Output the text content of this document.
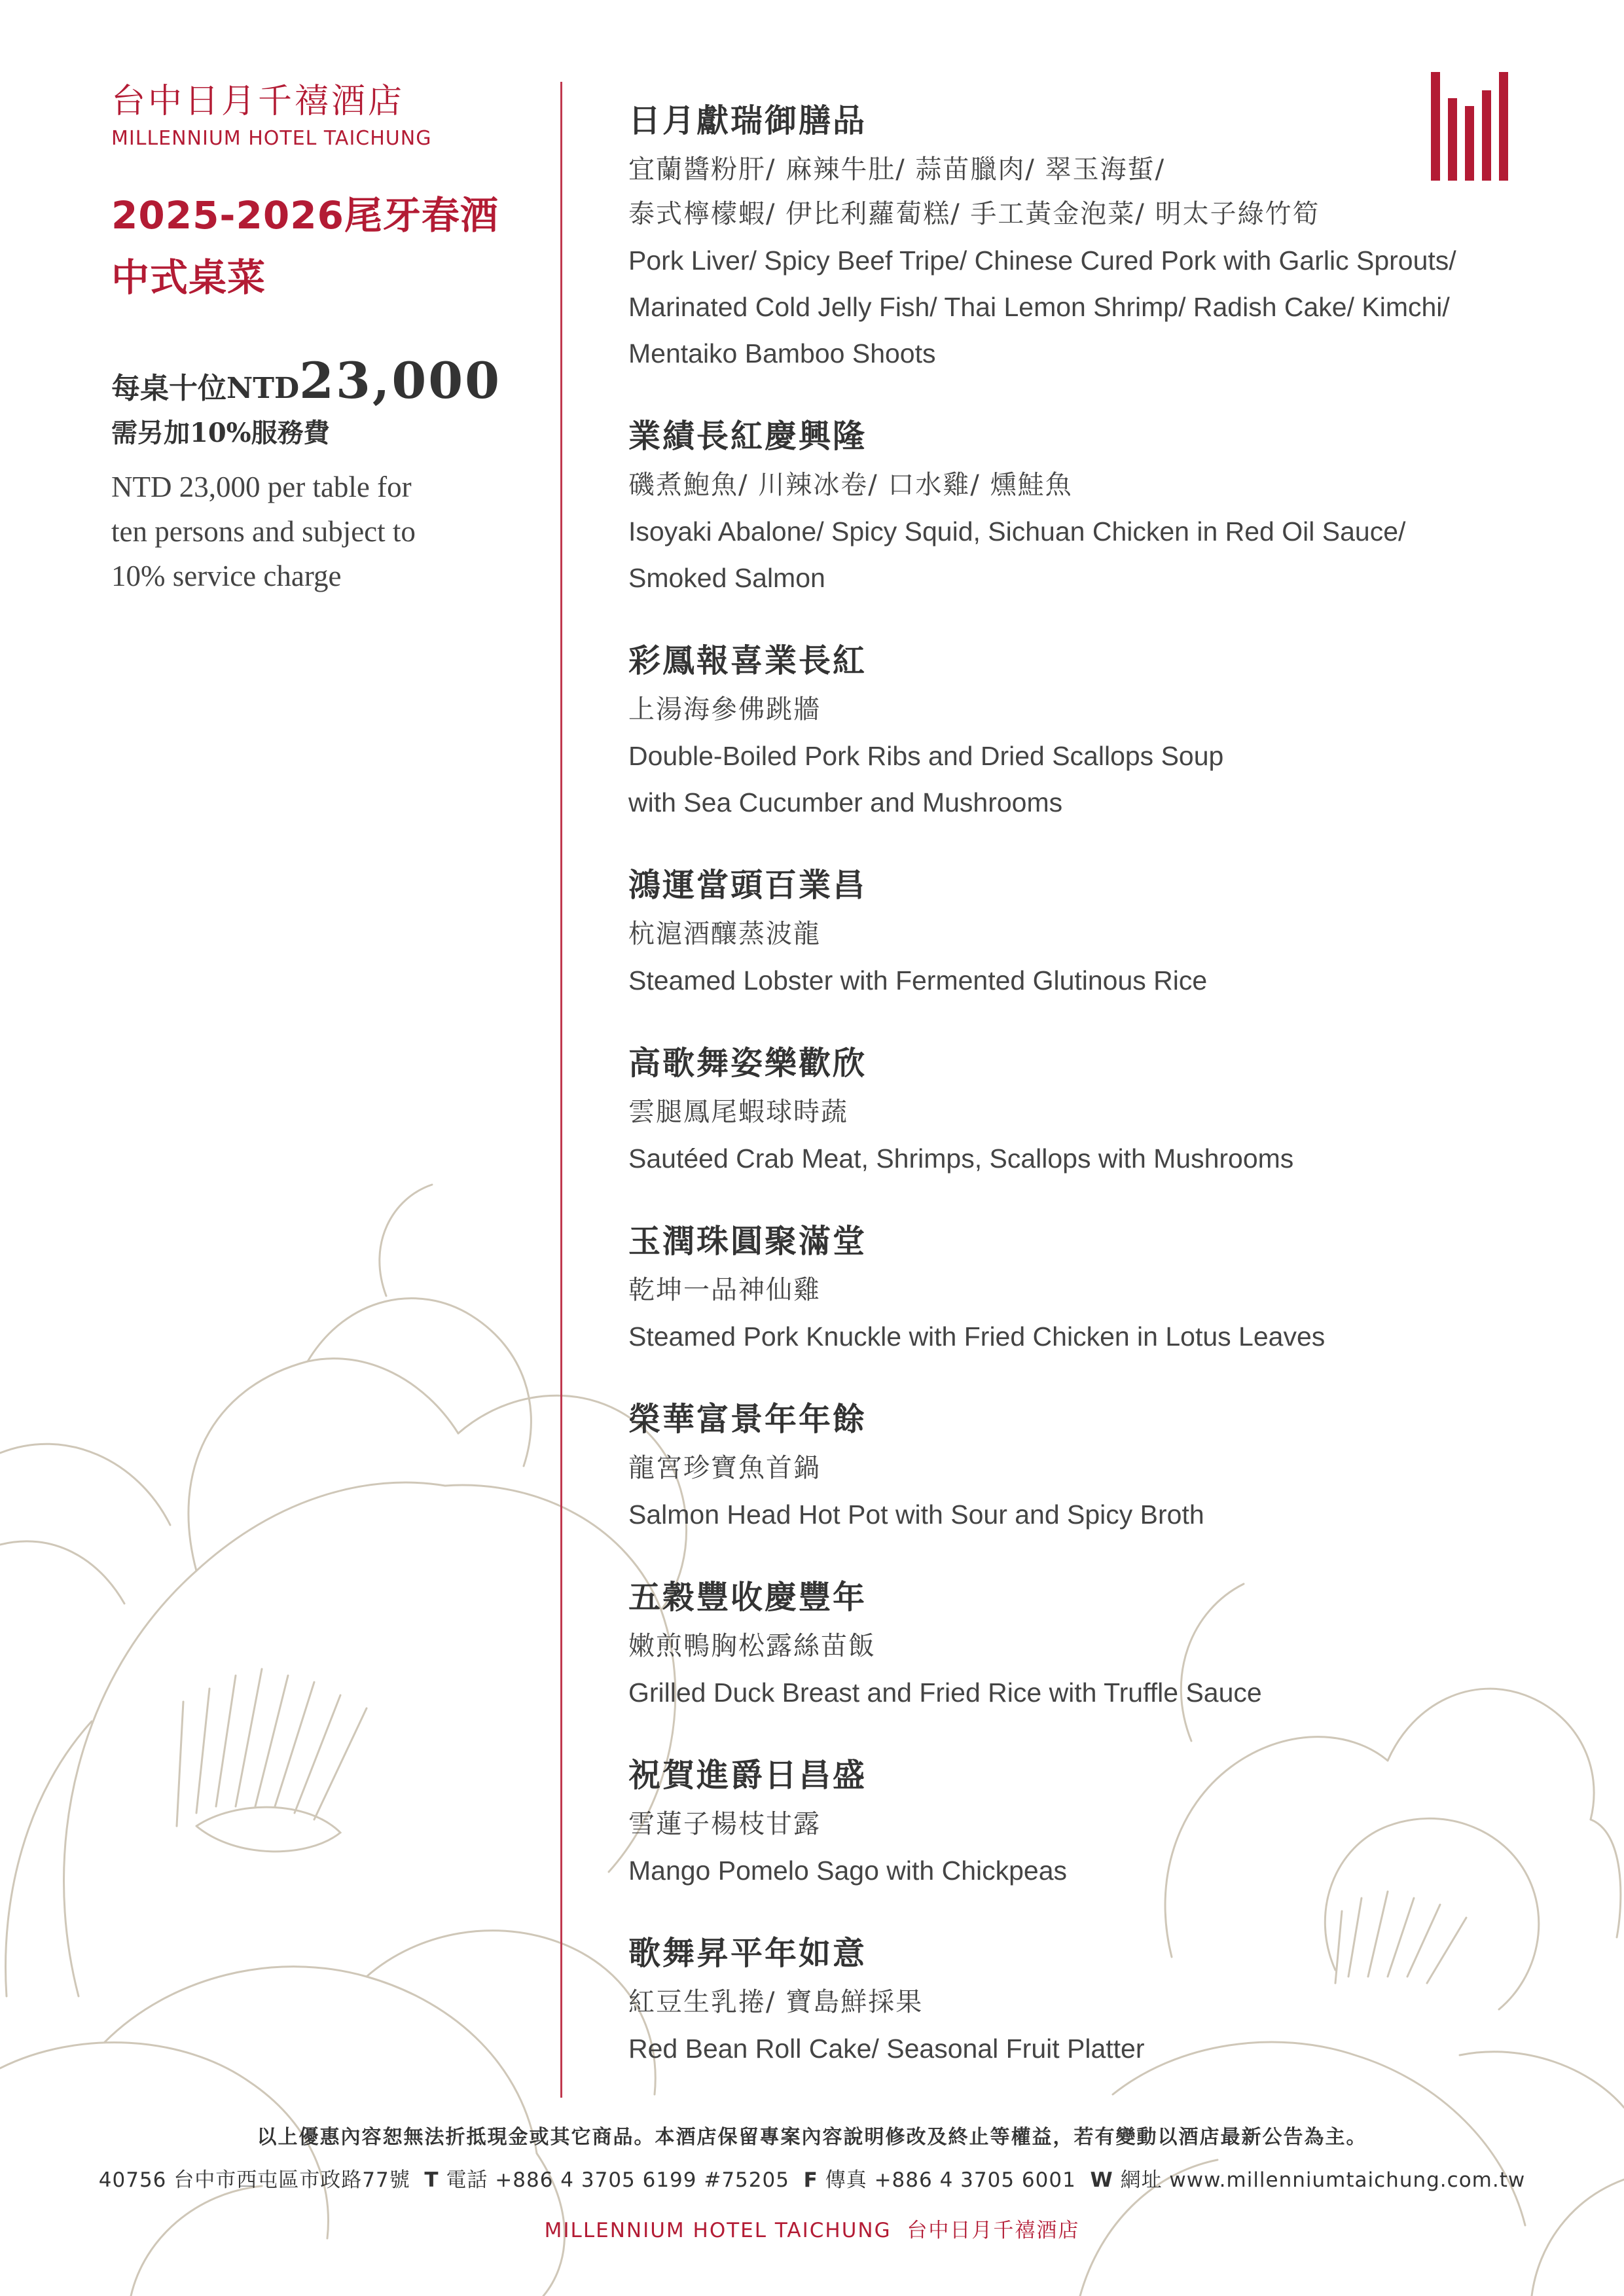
台中日月千禧酒店
MILLENNIUM HOTEL TAICHUNG
2025-2026尾牙春酒
中式桌菜
每桌十位NTD23,000
需另加10%服務費
NTD 23,000 per table for
ten persons and subject to
10% service charge
日月獻瑞御膳品
宜蘭醬粉肝/ 麻辣牛肚/ 蒜苗臘肉/ 翠玉海蜇/
泰式檸檬蝦/ 伊比利蘿蔔糕/ 手工黃金泡菜/ 明太子綠竹筍
Pork Liver/ Spicy Beef Tripe/ Chinese Cured Pork with Garlic Sprouts/
Marinated Cold Jelly Fish/ Thai Lemon Shrimp/ Radish Cake/ Kimchi/
Mentaiko Bamboo Shoots
業績長紅慶興隆
磯煮鮑魚/ 川辣冰卷/ 口水雞/ 燻鮭魚
Isoyaki Abalone/ Spicy Squid, Sichuan Chicken in Red Oil Sauce/
Smoked Salmon
彩鳳報喜業長紅
上湯海參佛跳牆
Double-Boiled Pork Ribs and Dried Scallops Soup
with Sea Cucumber and Mushrooms
鴻運當頭百業昌
杭滬酒釀蒸波龍
Steamed Lobster with Fermented Glutinous Rice
高歌舞姿樂歡欣
雲腿鳳尾蝦球時蔬
Sautéed Crab Meat, Shrimps, Scallops with Mushrooms
玉潤珠圓聚滿堂
乾坤一品神仙雞
Steamed Pork Knuckle with Fried Chicken in Lotus Leaves
榮華富景年年餘
龍宮珍寶魚首鍋
Salmon Head Hot Pot with Sour and Spicy Broth
五穀豐收慶豐年
嫩煎鴨胸松露絲苗飯
Grilled Duck Breast and Fried Rice with Truffle Sauce
祝賀進爵日昌盛
雪蓮子楊枝甘露
Mango Pomelo Sago with Chickpeas
歌舞昇平年如意
紅豆生乳捲/ 寶島鮮採果
Red Bean Roll Cake/ Seasonal Fruit Platter
以上優惠內容恕無法折抵現金或其它商品。本酒店保留專案內容說明修改及終止等權益，若有變動以酒店最新公告為主。
40756 台中市西屯區市政路77號 T 電話 +886 4 3705 6199 #75205 F 傳真 +886 4 3705 6001 W 網址 www.millenniumtaichung.com.tw
MILLENNIUM HOTEL TAICHUNG 台中日月千禧酒店
